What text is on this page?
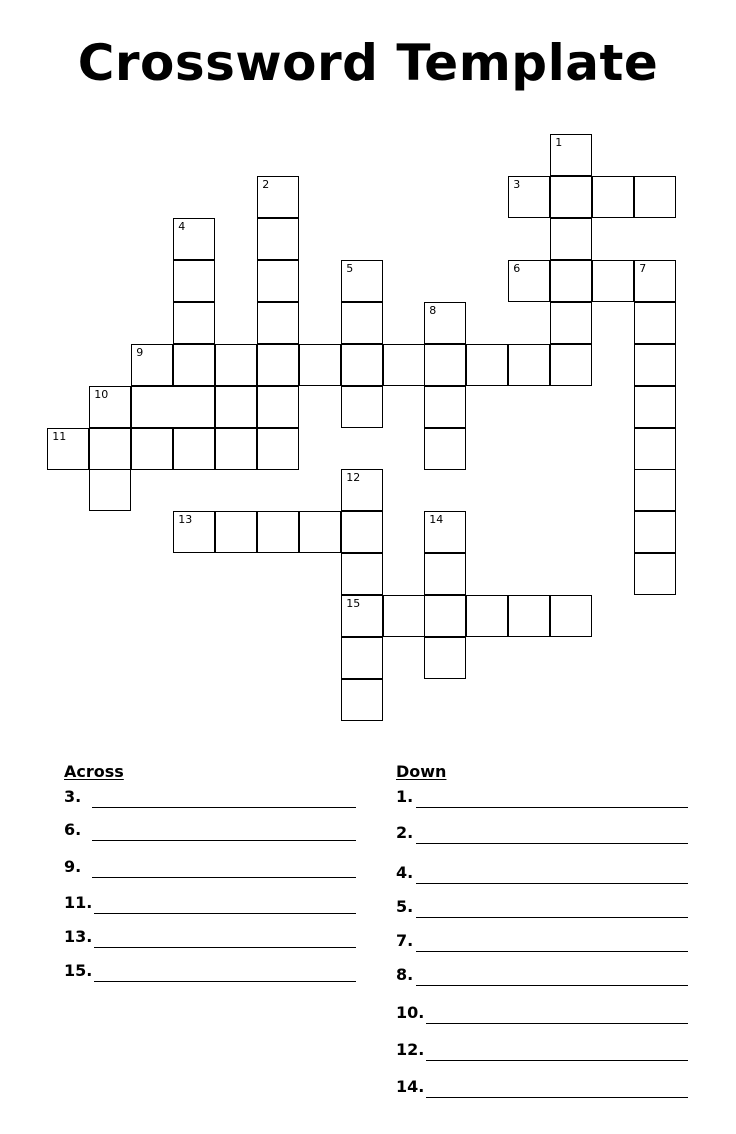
Crossword Template
1
2	3
4
5	6	7
8
9
10
11
12
13	14
15
Across
3.
6.
9.
11.
13.
15.
Down
1.
2.
4.
5.
7.
8.
10.
12.
14.
